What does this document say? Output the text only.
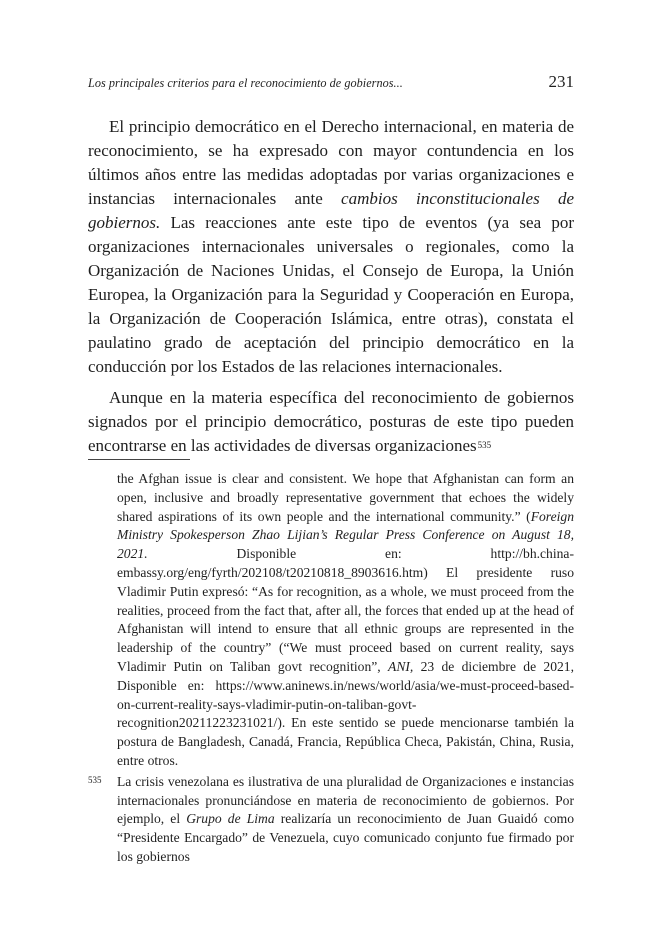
Los principales criterios para el reconocimiento de gobiernos...	231

El principio democrático en el Derecho internacional, en materia de reconocimiento, se ha expresado con mayor contundencia en los últimos años entre las medidas adoptadas por varias organizaciones e instancias internacionales ante cambios inconstitucionales de gobiernos. Las reacciones ante este tipo de eventos (ya sea por organizaciones internacionales universales o regionales, como la Organización de Naciones Unidas, el Consejo de Europa, la Unión Europea, la Organización para la Seguridad y Cooperación en Europa, la Organización de Cooperación Islámica, entre otras), constata el paulatino grado de aceptación del principio democrático en la conducción por los Estados de las relaciones internacionales.

Aunque en la materia específica del reconocimiento de gobiernos signados por el principio democrático, posturas de este tipo pueden encontrarse en las actividades de diversas organizaciones$^{535}$

the Afghan issue is clear and consistent. We hope that Afghanistan can form an open, inclusive and broadly representative government that echoes the widely shared aspirations of its own people and the international community.” (Foreign Ministry Spokesperson Zhao Lijian’s Regular Press Conference on August 18, 2021. Disponible en: http://bh.china-embassy.org/eng/fyrth/202108/t20210818_8903616.htm) El presidente ruso Vladimir Putin expresó: “As for recognition, as a whole, we must proceed from the realities, proceed from the fact that, after all, the forces that ended up at the head of Afghanistan will intend to ensure that all ethnic groups are represented in the leadership of the country” (“We must proceed based on current reality, says Vladimir Putin on Taliban govt recognition”, ANI, 23 de diciembre de 2021, Disponible en: https://www.aninews.in/news/world/asia/we-must-proceed-based-on-current-reality-says-vladimir-putin-on-taliban-govt-recognition20211223231021/). En este sentido se puede mencionarse también la postura de Bangladesh, Canadá, Francia, República Checa, Pakistán, China, Rusia, entre otros.
535 La crisis venezolana es ilustrativa de una pluralidad de Organizaciones e instancias internacionales pronunciándose en materia de reconocimiento de gobiernos. Por ejemplo, el Grupo de Lima realizaría un reconocimiento de Juan Guaidó como “Presidente Encargado” de Venezuela, cuyo comunicado conjunto fue firmado por los gobiernos
